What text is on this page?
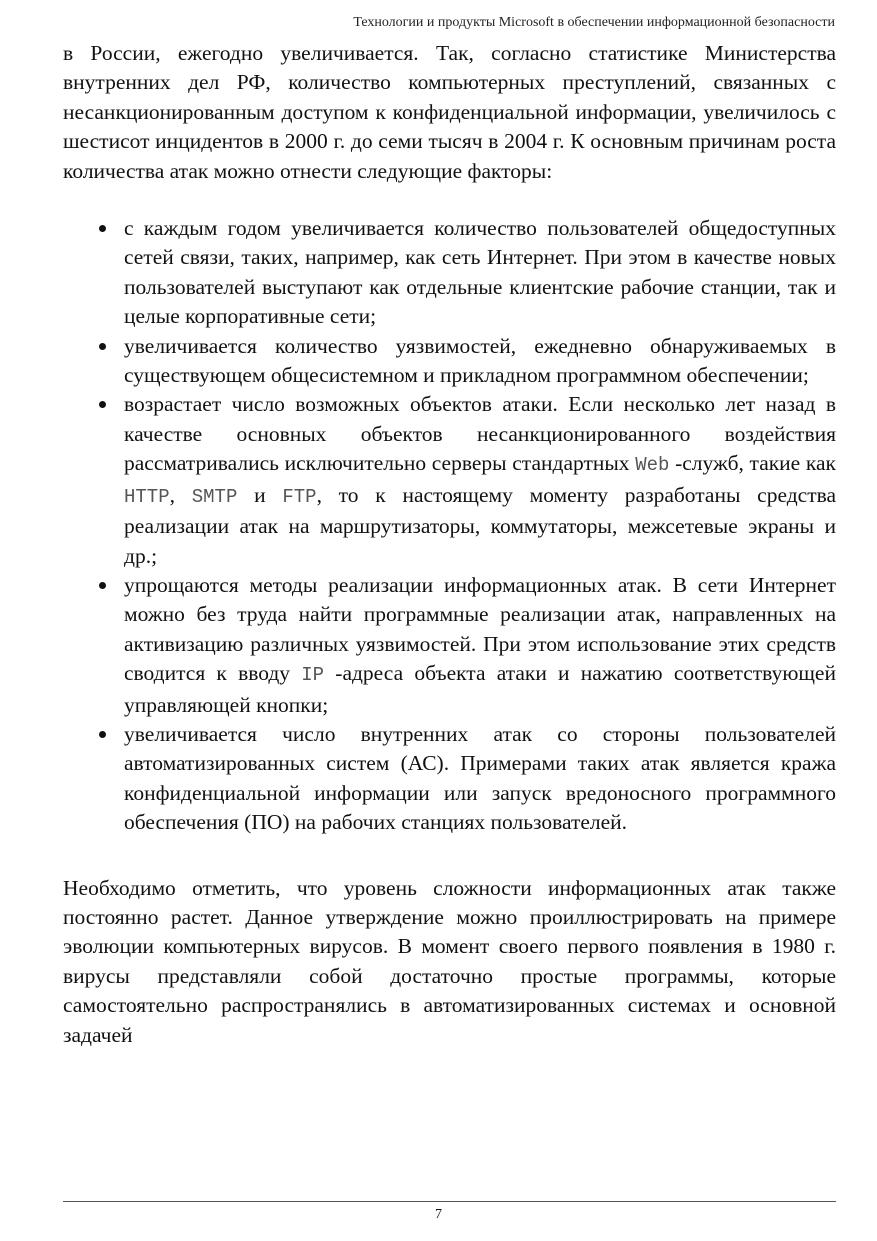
Технологии и продукты Microsoft в обеспечении информационной безопасности

в России, ежегодно увеличивается. Так, согласно статистике Министерства внутренних дел РФ, количество компьютерных преступлений, связанных с несанкционированным доступом к конфиденциальной информации, увеличилось с шестисот инцидентов в 2000 г. до семи тысяч в 2004 г. К основным причинам роста количества атак можно отнести следующие факторы:

с каждым годом увеличивается количество пользователей общедоступных сетей связи, таких, например, как сеть Интернет. При этом в качестве новых пользователей выступают как отдельные клиентские рабочие станции, так и целые корпоративные сети;
увеличивается количество уязвимостей, ежедневно обнаруживаемых в существующем общесистемном и прикладном программном обеспечении;
возрастает число возможных объектов атаки. Если несколько лет назад в качестве основных объектов несанкционированного воздействия рассматривались исключительно серверы стандартных Web -служб, такие как HTTP, SMTP и FTP, то к настоящему моменту разработаны средства реализации атак на маршрутизаторы, коммутаторы, межсетевые экраны и др.;
упрощаются методы реализации информационных атак. В сети Интернет можно без труда найти программные реализации атак, направленных на активизацию различных уязвимостей. При этом использование этих средств сводится к вводу IP -адреса объекта атаки и нажатию соответствующей управляющей кнопки;
увеличивается число внутренних атак со стороны пользователей автоматизированных систем (АС). Примерами таких атак является кража конфиденциальной информации или запуск вредоносного программного обеспечения (ПО) на рабочих станциях пользователей.

Необходимо отметить, что уровень сложности информационных атак также постоянно растет. Данное утверждение можно проиллюстрировать на примере эволюции компьютерных вирусов. В момент своего первого появления в 1980 г. вирусы представляли собой достаточно простые программы, которые самостоятельно распространялись в автоматизированных системах и основной задачей

7
